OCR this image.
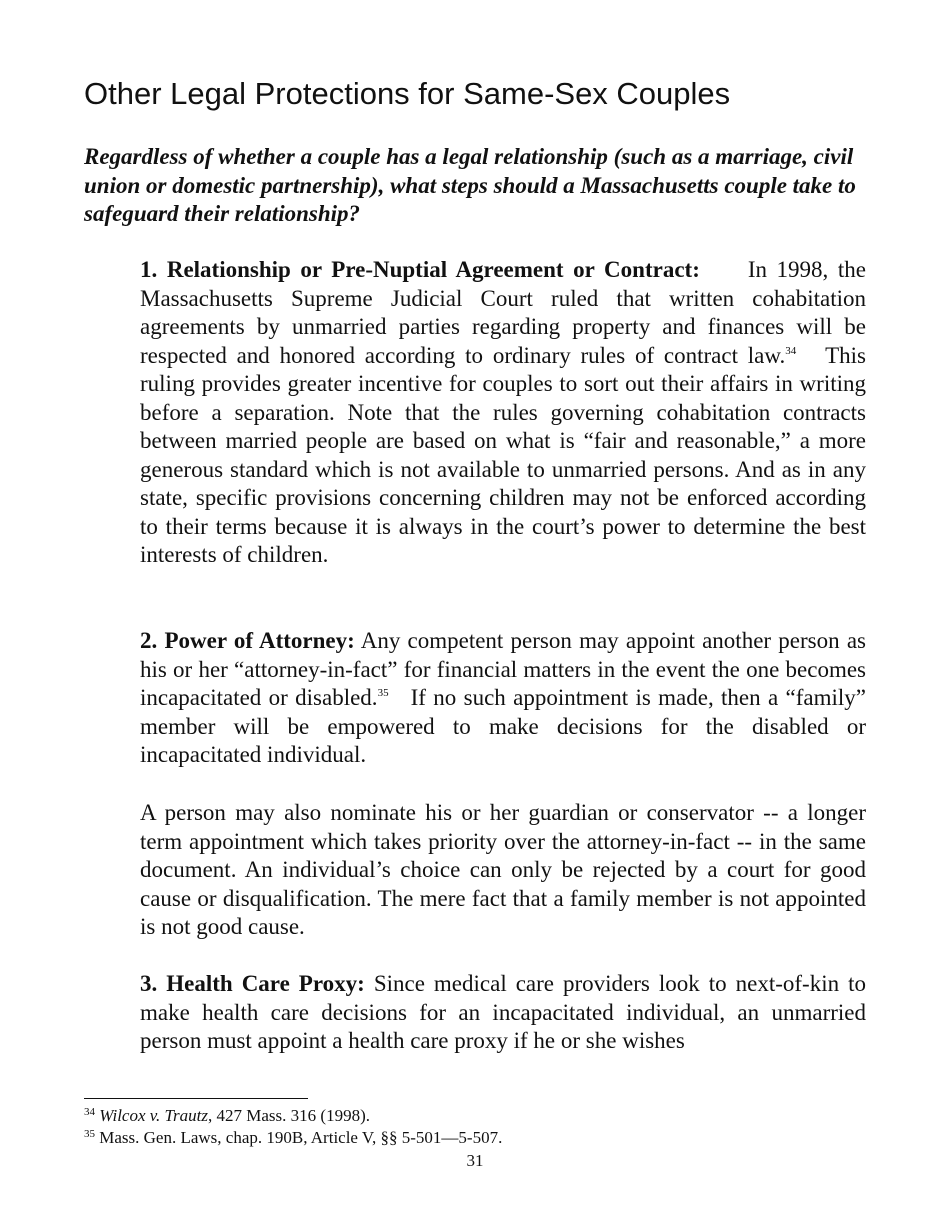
Other Legal Protections for Same-Sex Couples

Regardless of whether a couple has a legal relationship (such as a marriage, civil union or domestic partnership), what steps should a Massachusetts couple take to safeguard their relationship?

1. Relationship or Pre-Nuptial Agreement or Contract: In 1998, the Massachusetts Supreme Judicial Court ruled that written cohabitation agreements by unmarried parties regarding property and finances will be respected and honored according to ordinary rules of contract law.$^{34}$ This ruling provides greater incentive for couples to sort out their affairs in writing before a separation. Note that the rules governing cohabitation contracts between married people are based on what is “fair and reasonable,” a more generous standard which is not available to unmarried persons. And as in any state, specific provisions concerning children may not be enforced according to their terms because it is always in the court’s power to determine the best interests of children.

2. Power of Attorney: Any competent person may appoint another person as his or her “attorney-in-fact” for financial matters in the event the one becomes incapacitated or disabled.$^{35}$ If no such appointment is made, then a “family” member will be empowered to make decisions for the disabled or incapacitated individual.

A person may also nominate his or her guardian or conservator -- a longer term appointment which takes priority over the attorney-in-fact -- in the same document. An individual’s choice can only be rejected by a court for good cause or disqualification. The mere fact that a family member is not appointed is not good cause.

3. Health Care Proxy: Since medical care providers look to next-of-kin to make health care decisions for an incapacitated individual, an unmarried person must appoint a health care proxy if he or she wishes

$^{34}$ Wilcox v. Trautz, 427 Mass. 316 (1998).

$^{35}$ Mass. Gen. Laws, chap. 190B, Article V, §§ 5-501—5-507.

31
